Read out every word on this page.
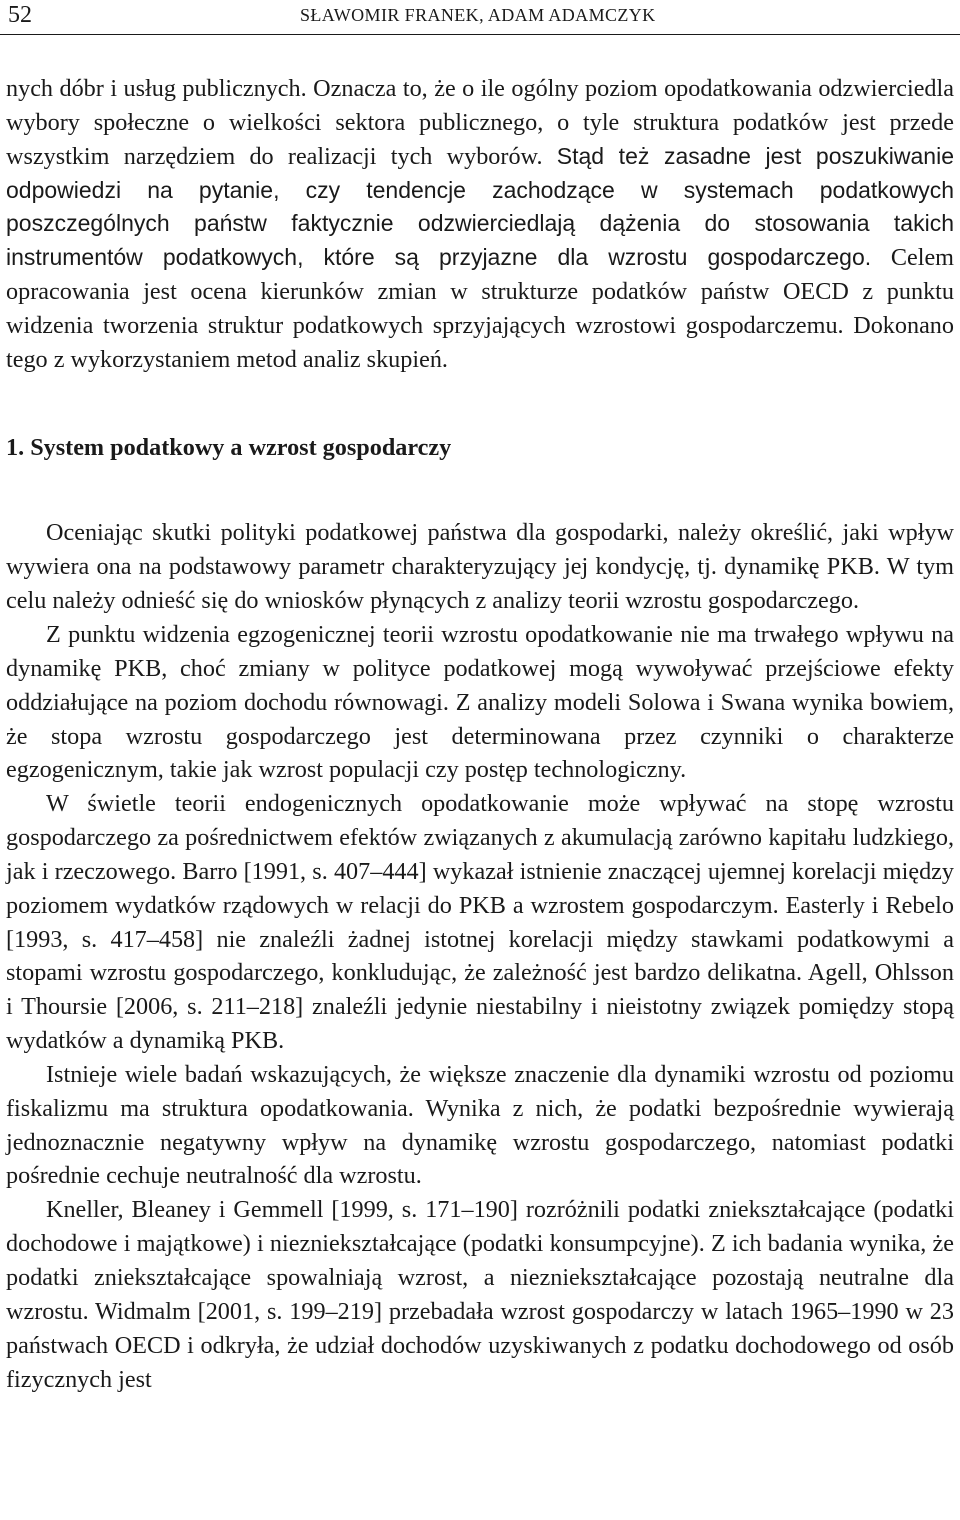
52	SŁAWOMIR FRANEK, ADAM ADAMCZYK

nych dóbr i usług publicznych. Oznacza to, że o ile ogólny poziom opodatkowania odzwierciedla wybory społeczne o wielkości sektora publicznego, o tyle struktura podatków jest przede wszystkim narzędziem do realizacji tych wyborów. Stąd też zasadne jest poszukiwanie odpowiedzi na pytanie, czy tendencje zachodzące w systemach podatkowych poszczególnych państw faktycznie odzwierciedlają dążenia do stosowania takich instrumentów podatkowych, które są przyjazne dla wzrostu gospodarczego. Celem opracowania jest ocena kierunków zmian w strukturze podatków państw OECD z punktu widzenia tworzenia struktur podatkowych sprzyjających wzrostowi gospodarczemu. Dokonano tego z wykorzystaniem metod analiz skupień.

1. System podatkowy a wzrost gospodarczy

Oceniając skutki polityki podatkowej państwa dla gospodarki, należy określić, jaki wpływ wywiera ona na podstawowy parametr charakteryzujący jej kondycję, tj. dynamikę PKB. W tym celu należy odnieść się do wniosków płynących z analizy teorii wzrostu gospodarczego.

Z punktu widzenia egzogenicznej teorii wzrostu opodatkowanie nie ma trwałego wpływu na dynamikę PKB, choć zmiany w polityce podatkowej mogą wywoływać przejściowe efekty oddziałujące na poziom dochodu równowagi. Z analizy modeli Solowa i Swana wynika bowiem, że stopa wzrostu gospodarczego jest determinowana przez czynniki o charakterze egzogenicznym, takie jak wzrost populacji czy postęp technologiczny.

W świetle teorii endogenicznych opodatkowanie może wpływać na stopę wzrostu gospodarczego za pośrednictwem efektów związanych z akumulacją zarówno kapitału ludzkiego, jak i rzeczowego. Barro [1991, s. 407–444] wykazał istnienie znaczącej ujemnej korelacji między poziomem wydatków rządowych w relacji do PKB a wzrostem gospodarczym. Easterly i Rebelo [1993, s. 417–458] nie znaleźli żadnej istotnej korelacji między stawkami podatkowymi a stopami wzrostu gospodarczego, konkludując, że zależność jest bardzo delikatna. Agell, Ohlsson i Thoursie [2006, s. 211–218] znaleźli jedynie niestabilny i nieistotny związek pomiędzy stopą wydatków a dynamiką PKB.

Istnieje wiele badań wskazujących, że większe znaczenie dla dynamiki wzrostu od poziomu fiskalizmu ma struktura opodatkowania. Wynika z nich, że podatki bezpośrednie wywierają jednoznacznie negatywny wpływ na dynamikę wzrostu gospodarczego, natomiast podatki pośrednie cechuje neutralność dla wzrostu.

Kneller, Bleaney i Gemmell [1999, s. 171–190] rozróżnili podatki zniekształcające (podatki dochodowe i majątkowe) i niezniekształcające (podatki konsumpcyjne). Z ich badania wynika, że podatki zniekształcające spowalniają wzrost, a niezniekształcające pozostają neutralne dla wzrostu. Widmalm [2001, s. 199–219] przebadała wzrost gospodarczy w latach 1965–1990 w 23 państwach OECD i odkryła, że udział dochodów uzyskiwanych z podatku dochodowego od osób fizycznych jest
